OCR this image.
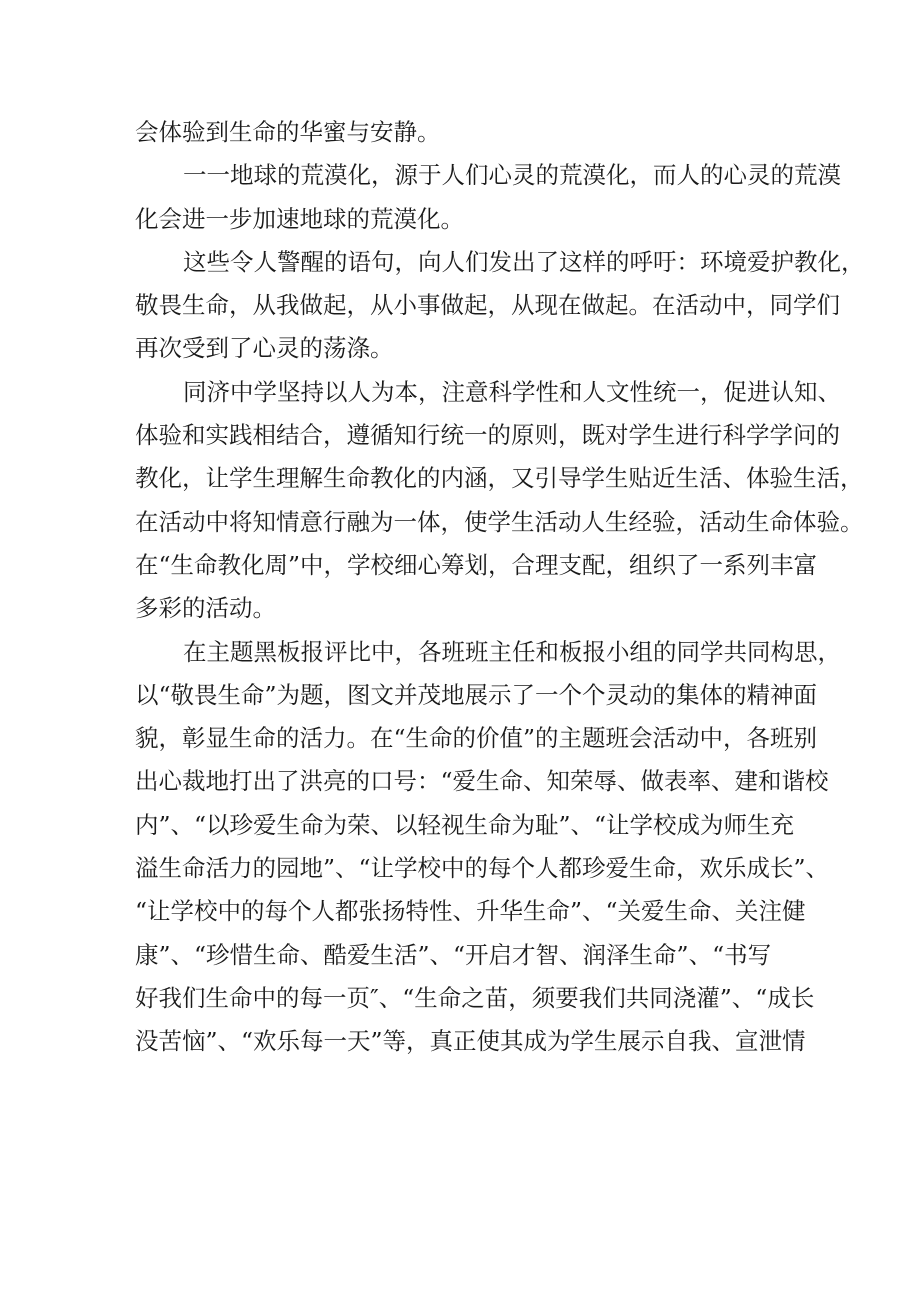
会体验到生命的华蜜与安静。

一一地球的荒漠化，源于人们心灵的荒漠化，而人的心灵的荒漠
化会进一步加速地球的荒漠化。

这些令人警醒的语句，向人们发出了这样的呼吁：环境爱护教化，
敬畏生命，从我做起，从小事做起，从现在做起。在活动中，同学们
再次受到了心灵的荡涤。

同济中学坚持以人为本，注意科学性和人文性统一，促进认知、
体验和实践相结合，遵循知行统一的原则，既对学生进行科学学问的
教化，让学生理解生命教化的内涵，又引导学生贴近生活、体验生活，
在活动中将知情意行融为一体，使学生活动人生经验，活动生命体验。
在“生命教化周”中，学校细心筹划，合理支配，组织了一系列丰富
多彩的活动。

在主题黑板报评比中，各班班主任和板报小组的同学共同构思，
以“敬畏生命”为题，图文并茂地展示了一个个灵动的集体的精神面
貌，彰显生命的活力。在“生命的价值”的主题班会活动中，各班别
出心裁地打出了洪亮的口号：“爱生命、知荣辱、做表率、建和谐校
内”、“以珍爱生命为荣、以轻视生命为耻”、“让学校成为师生充
溢生命活力的园地”、“让学校中的每个人都珍爱生命，欢乐成长”、
“让学校中的每个人都张扬特性、升华生命”、“关爱生命、关注健
康”、“珍惜生命、酷爱生活”、“开启才智、润泽生命”、“书写
好我们生命中的每一页″、“生命之苗，须要我们共同浇灌”、“成长
没苦恼”、“欢乐每一天”等，真正使其成为学生展示自我、宣泄情
